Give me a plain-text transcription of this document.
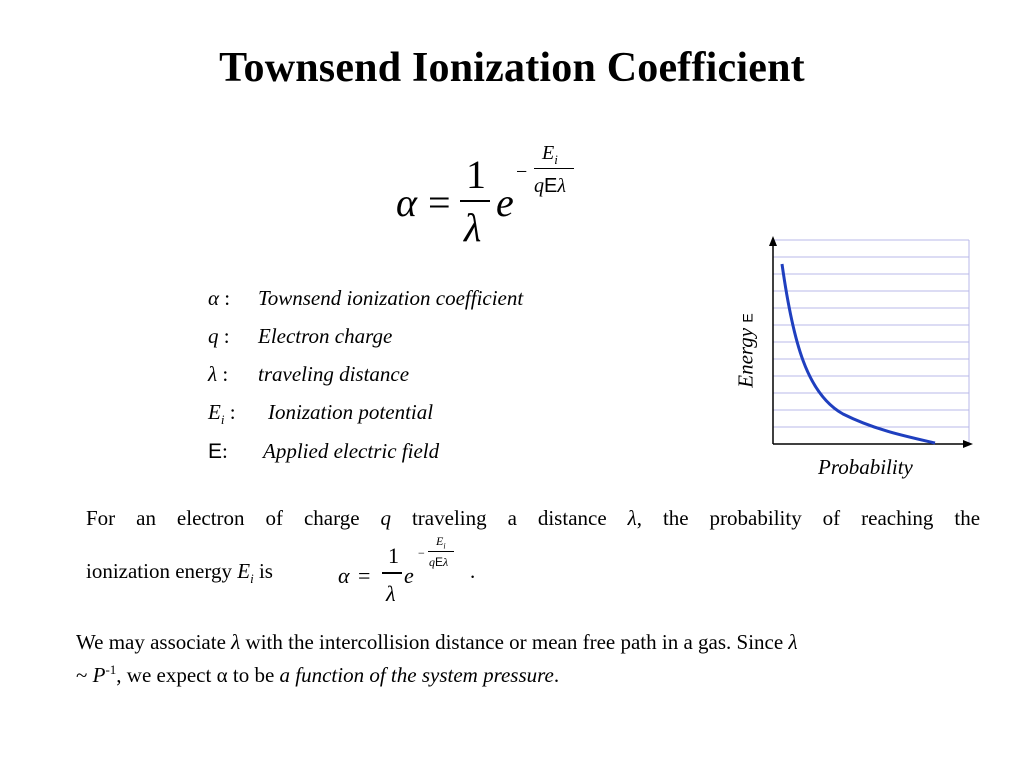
Townsend Ionization Coefficient
α =
1
λ
e
−
$E_i$
qEλ
α : Townsend ionization coefficient
q : Electron charge
λ : traveling distance
$E_i$ : Ionization potential
E: Applied electric field
Energy E
Probability
For an electron of charge q traveling a distance λ, the probability of reaching the
ionization energy $E_i$ is	α =
1
λ
e
−
$E_i$
qEλ .
We may associate λ with the intercollision distance or mean free path in a gas. Since λ
~ $P^{-1}$, we expect α to be a function of the system pressure.
